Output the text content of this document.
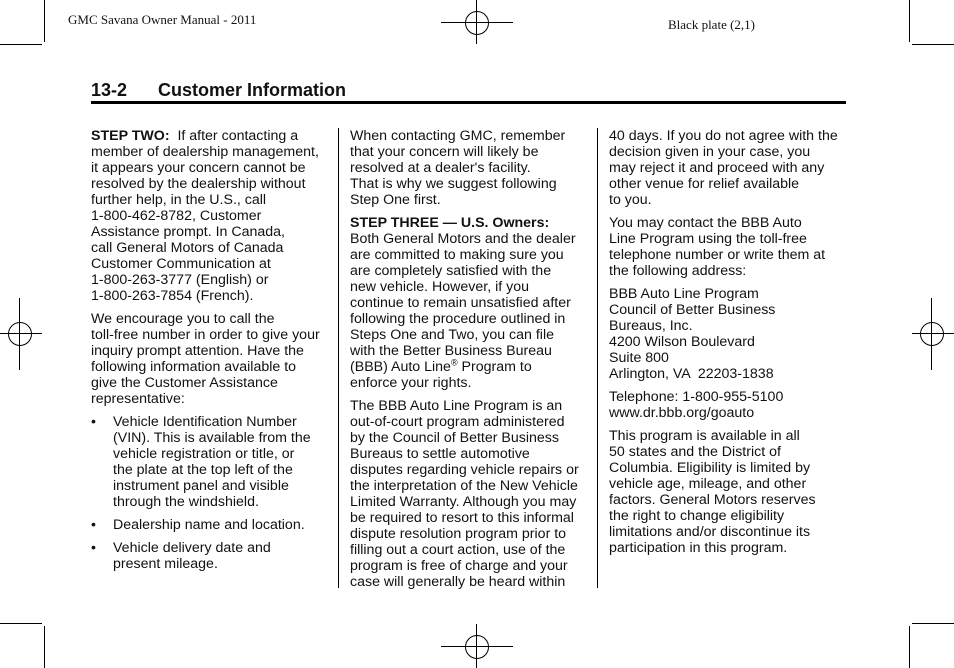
GMC Savana Owner Manual - 2011	Black plate (2,1)
13-2 Customer Information

STEP TWO:  If after contacting a
member of dealership management,
it appears your concern cannot be
resolved by the dealership without
further help, in the U.S., call
1-800-462-8782, Customer
Assistance prompt. In Canada,
call General Motors of Canada
Customer Communication at
1-800-263-3777 (English) or
1-800-263-7854 (French).

We encourage you to call the
toll-free number in order to give your
inquiry prompt attention. Have the
following information available to
give the Customer Assistance
representative:

• Vehicle Identification Number
(VIN). This is available from the
vehicle registration or title, or
the plate at the top left of the
instrument panel and visible
through the windshield.
• Dealership name and location.
• Vehicle delivery date and
present mileage.

When contacting GMC, remember
that your concern will likely be
resolved at a dealer's facility.
That is why we suggest following
Step One first.

STEP THREE — U.S. Owners:
Both General Motors and the dealer
are committed to making sure you
are completely satisfied with the
new vehicle. However, if you
continue to remain unsatisfied after
following the procedure outlined in
Steps One and Two, you can file
with the Better Business Bureau
(BBB) Auto Line® Program to
enforce your rights.

The BBB Auto Line Program is an
out-of-court program administered
by the Council of Better Business
Bureaus to settle automotive
disputes regarding vehicle repairs or
the interpretation of the New Vehicle
Limited Warranty. Although you may
be required to resort to this informal
dispute resolution program prior to
filling out a court action, use of the
program is free of charge and your
case will generally be heard within

40 days. If you do not agree with the
decision given in your case, you
may reject it and proceed with any
other venue for relief available
to you.

You may contact the BBB Auto
Line Program using the toll-free
telephone number or write them at
the following address:

BBB Auto Line Program
Council of Better Business
Bureaus, Inc.
4200 Wilson Boulevard
Suite 800
Arlington, VA  22203-1838

Telephone: 1-800-955-5100
www.dr.bbb.org/goauto

This program is available in all
50 states and the District of
Columbia. Eligibility is limited by
vehicle age, mileage, and other
factors. General Motors reserves
the right to change eligibility
limitations and/or discontinue its
participation in this program.
